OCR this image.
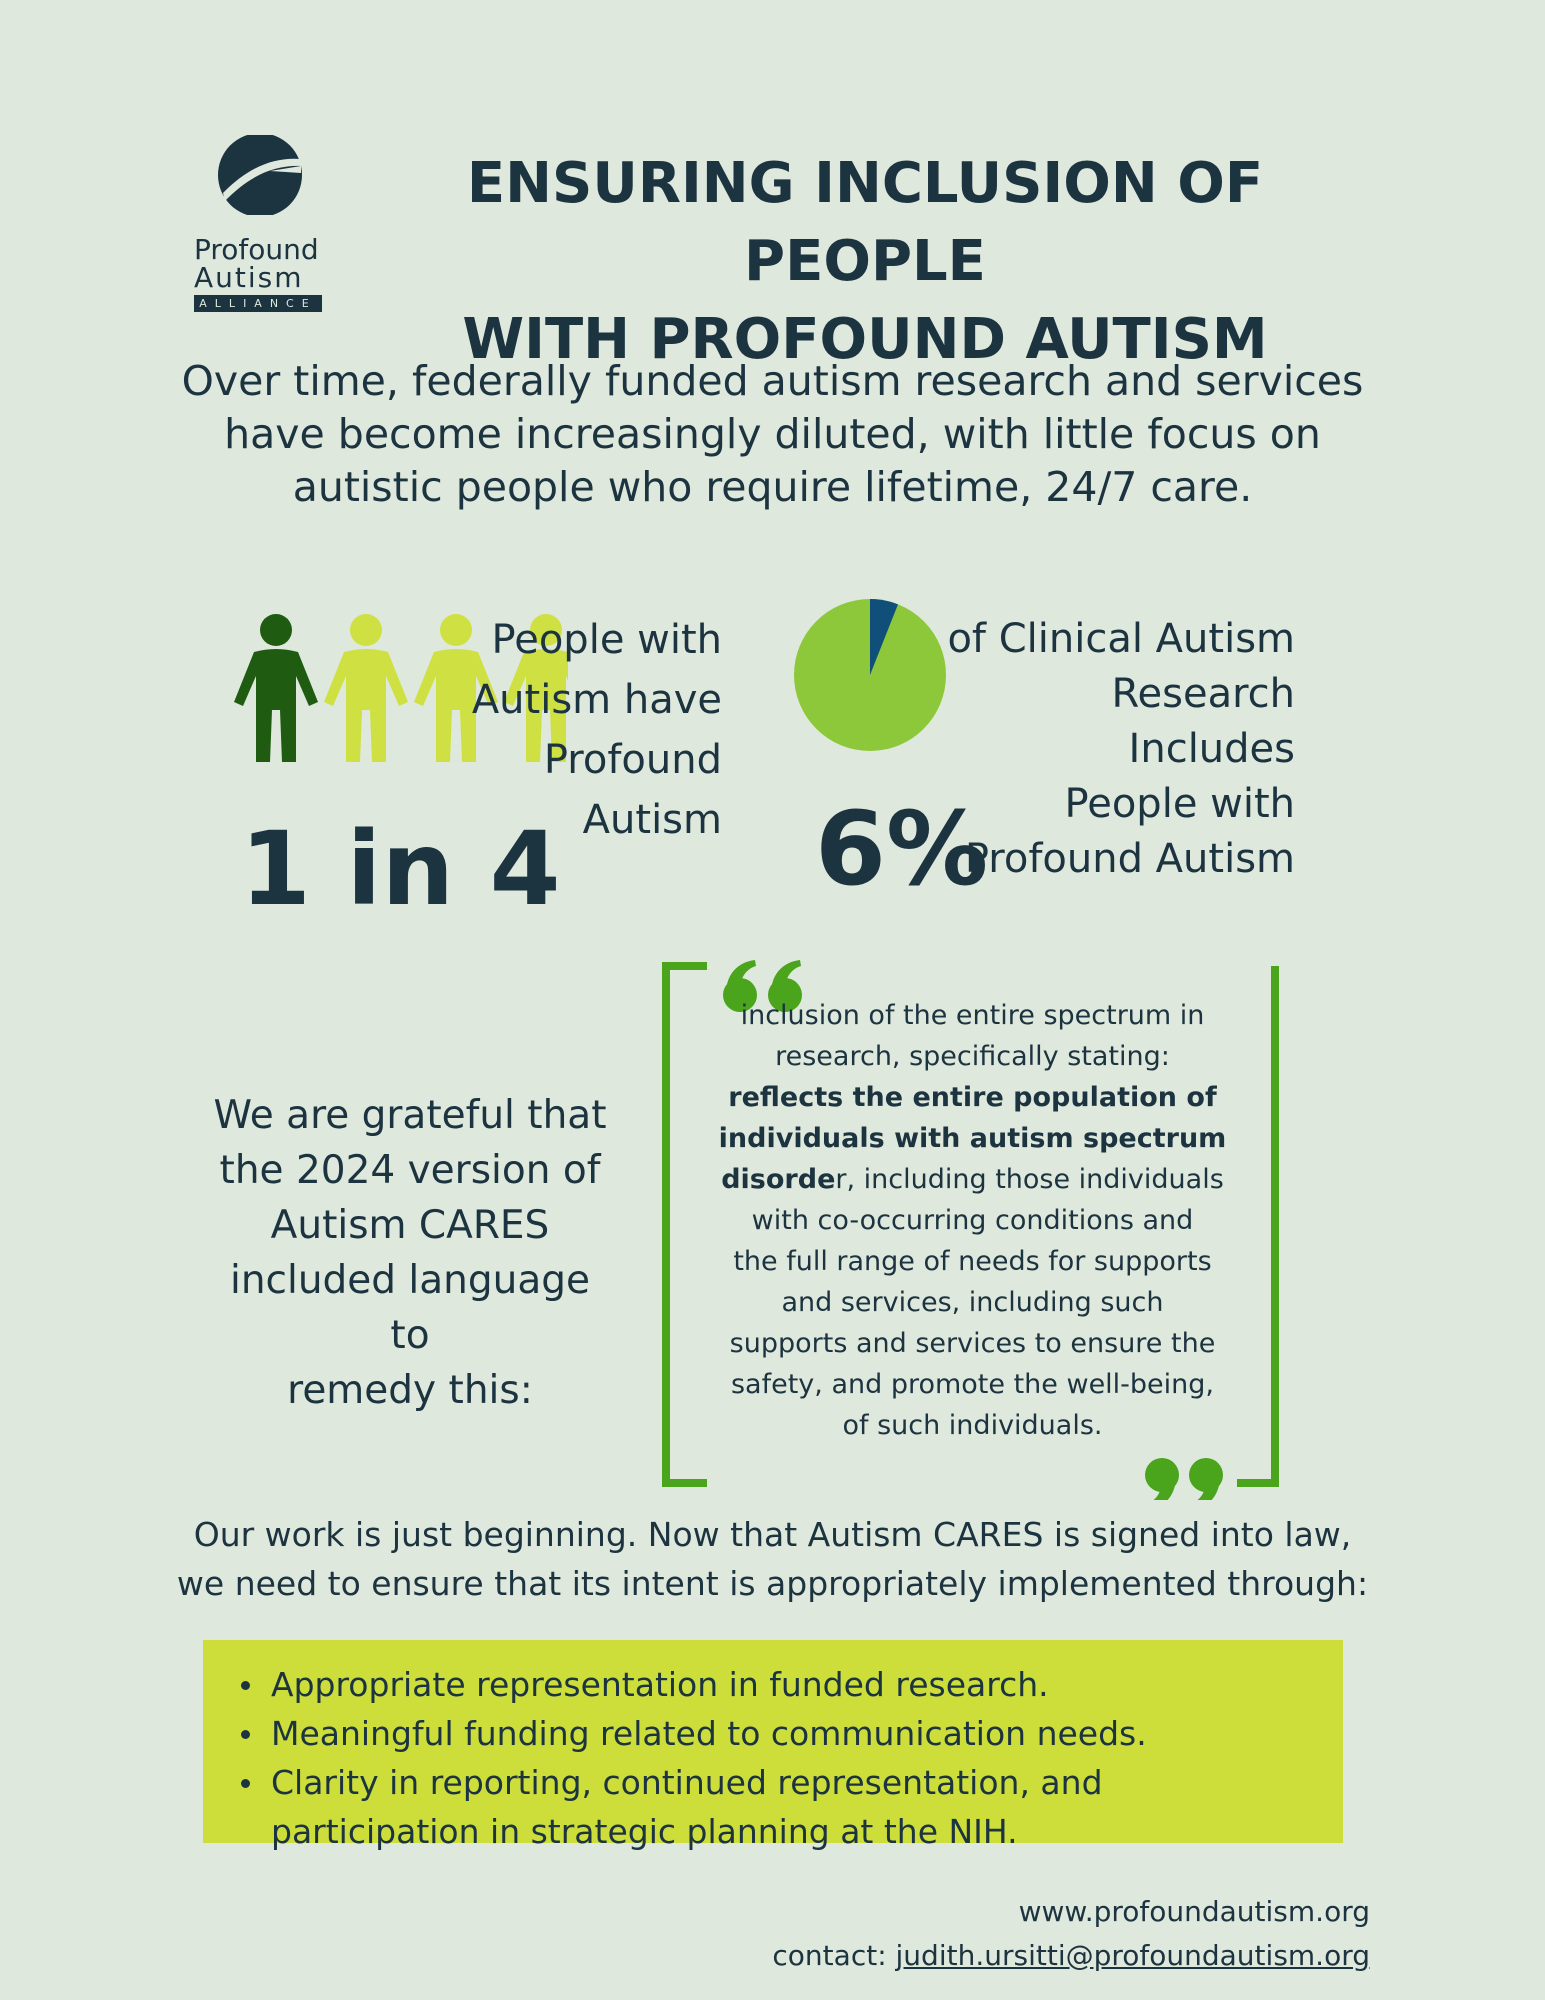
Profound
Autism
ALLIANCE
ENSURING INCLUSION OF PEOPLE
WITH PROFOUND AUTISM
Over time, federally funded autism research and services
have become increasingly diluted, with little focus on
autistic people who require lifetime, 24/7 care.
People with
Autism have
Profound
Autism
1 in 4
of Clinical Autism
Research Includes
People with
Profound Autism
6%
We are grateful that
the 2024 version of
Autism CARES
included language to
remedy this:
inclusion of the entire spectrum in
research, specifically stating:
reflects the entire population of
individuals with autism spectrum
disorder, including those individuals
with co-occurring conditions and
the full range of needs for supports
and services, including such
supports and services to ensure the
safety, and promote the well-being,
of such individuals.
Our work is just beginning. Now that Autism CARES is signed into law,
we need to ensure that its intent is appropriately implemented through:
Appropriate representation in funded research.
Meaningful funding related to communication needs.
Clarity in reporting, continued representation, and participation in strategic planning at the NIH.
www.profoundautism.org
contact: judith.ursitti@profoundautism.org
